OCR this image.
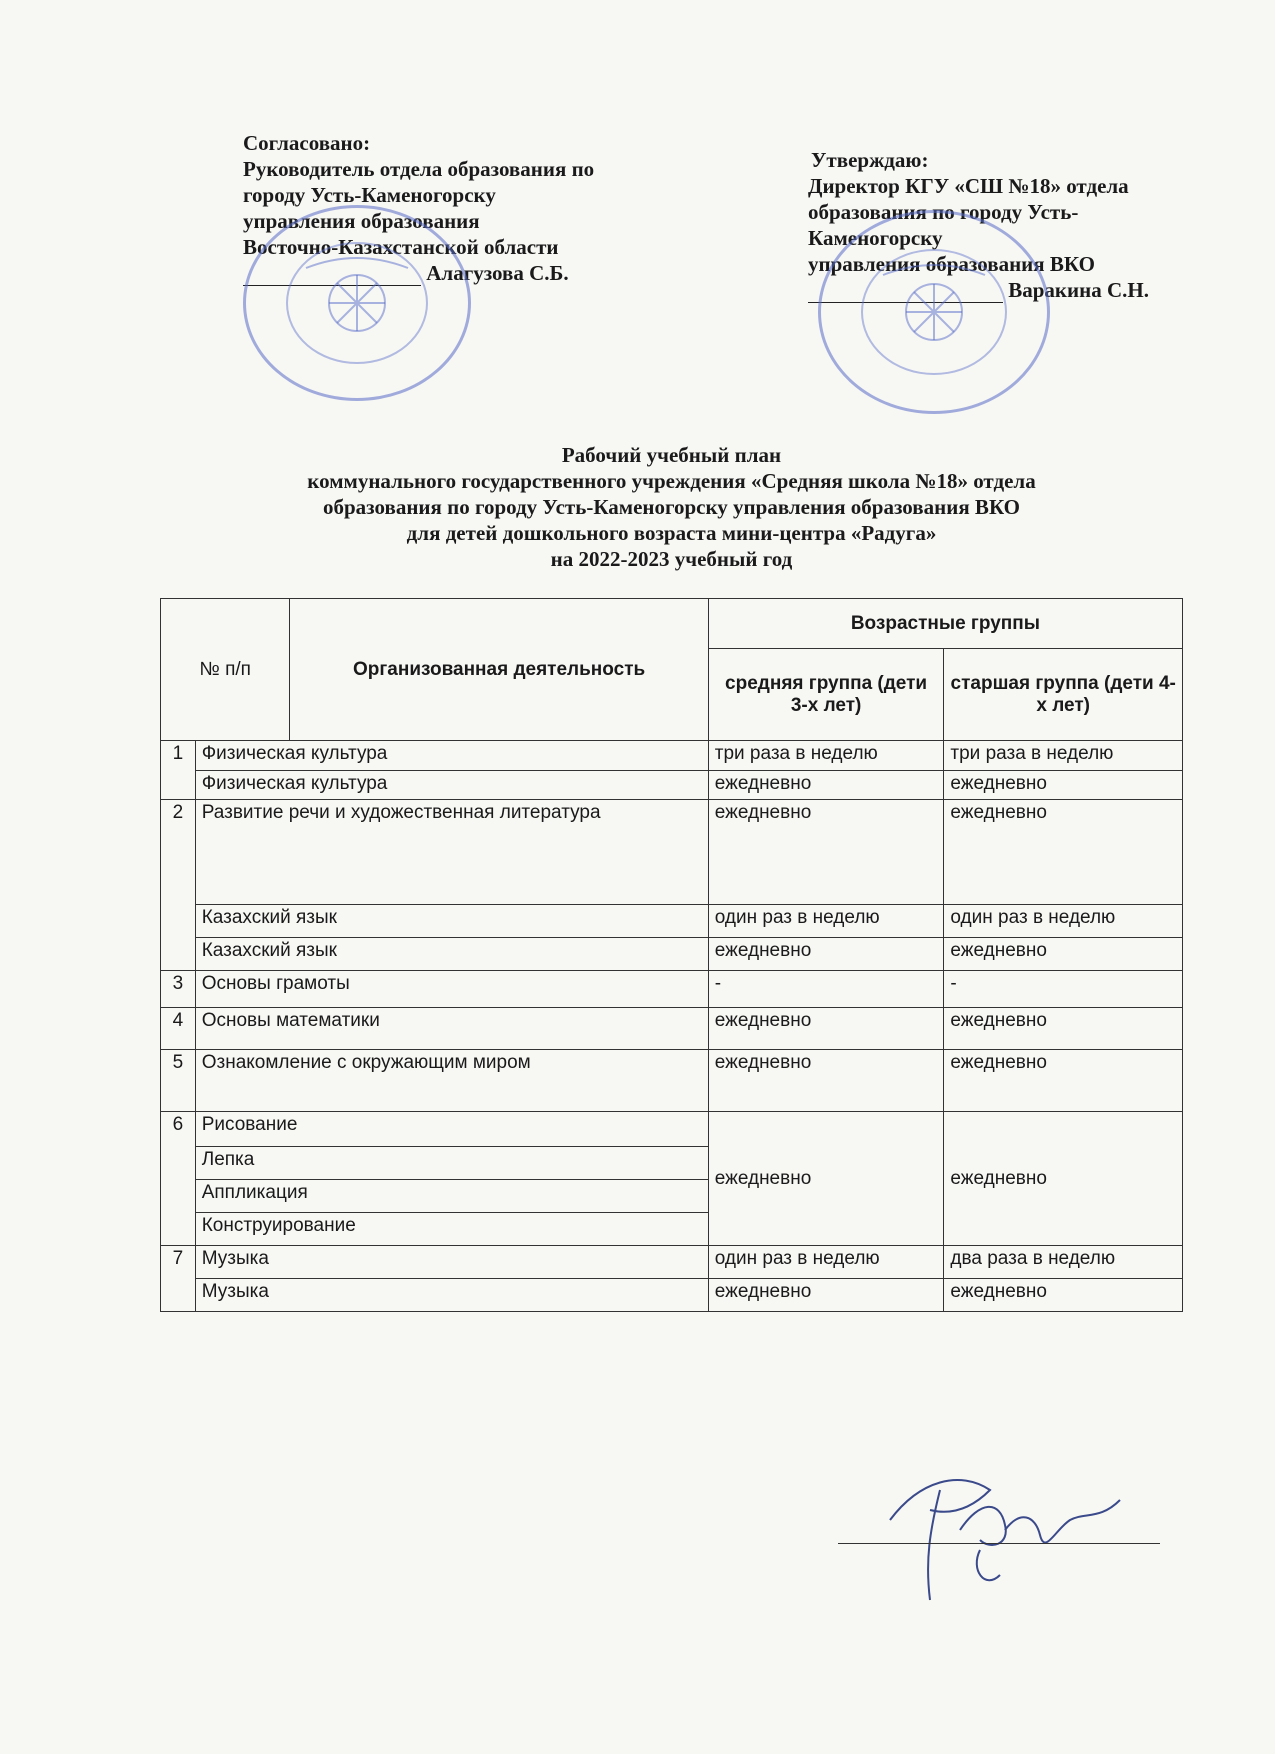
Согласовано:
Руководитель отдела образования по
городу Усть-Каменогорску
управления образования
Восточно-Казахстанской области
Алагузова С.Б.
Утверждаю:
Директор КГУ «СШ №18» отдела
образования по городу Усть-
Каменогорску
управления образования ВКО
Варакина С.Н.
Рабочий учебный план
коммунального государственного учреждения «Средняя школа №18» отдела
образования по городу Усть-Каменогорску управления образования ВКО
для детей дошкольного возраста мини-центра «Радуга»
на 2022-2023 учебный год
№ п/п		Организованная деятельность	Возрастные группы	
			средняя группа (дети 3-х лет)	старшая группа (дети 4-х лет)
1	Физическая культура		три раза в неделю	три раза в неделю
	Физическая культура		ежедневно	ежедневно
2	Развитие речи и художественная литература		ежедневно	ежедневно
	Казахский язык		один раз в неделю	один раз в неделю
	Казахский язык		ежедневно	ежедневно
3	Основы грамоты		-	-
4	Основы математики		ежедневно	ежедневно
5	Ознакомление с окружающим миром		ежедневно	ежедневно
6	Рисование		ежедневно	ежедневно
	Лепка			
	Аппликация			
	Конструирование			
7	Музыка		один раз в неделю	два раза в неделю
	Музыка		ежедневно	ежедневно
